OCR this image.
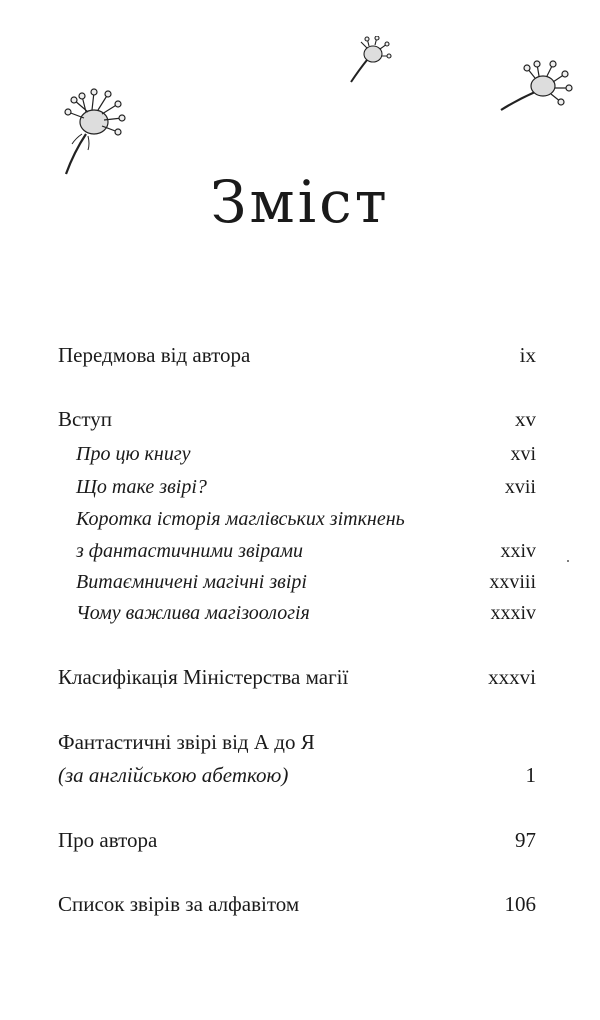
Зміст
Передмова від автора	ix
Вступ	xv
Про цю книгу	xvi
Що таке звірі?	xvii
Коротка історія маглівських зіткнень
з фантастичними звірами	xxiv
Витаємничені магічні звірі	xxviii
Чому важлива магізоологія	xxxiv
Класифікація Міністерства магії	xxxvi
Фантастичні звірі від А до Я
(за англійською абеткою)	1
Про автора	97
Список звірів за алфавітом	106
